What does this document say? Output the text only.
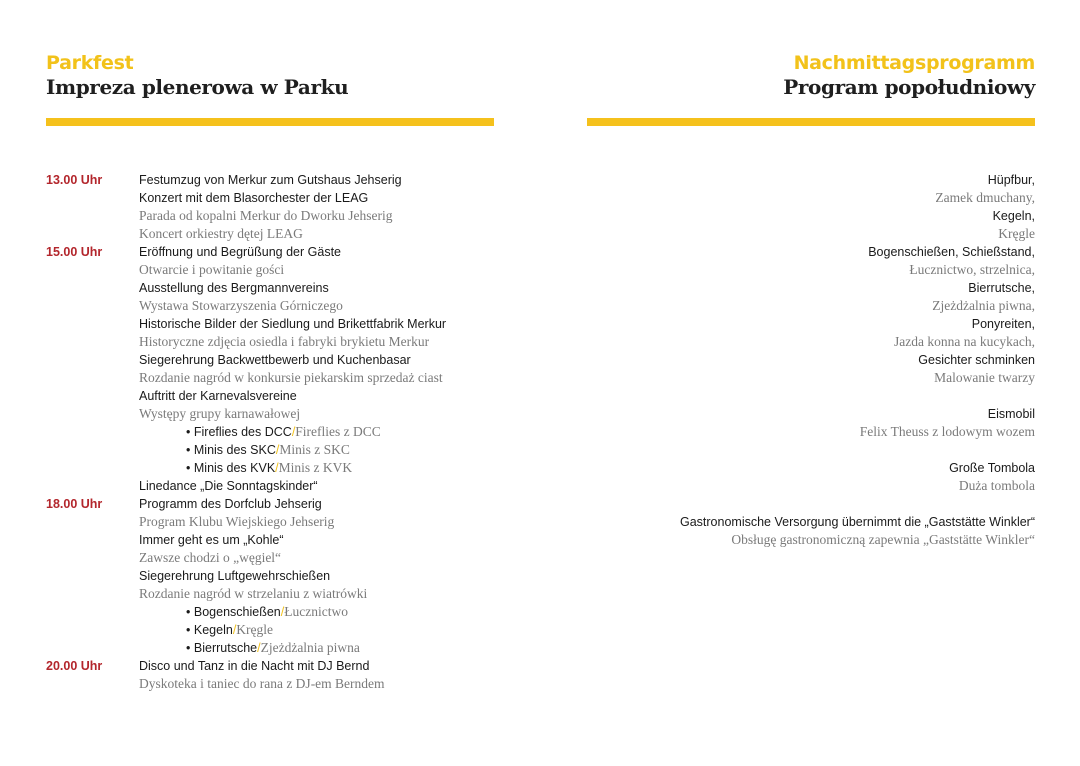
Parkfest
Impreza plenerowa w Parku
Nachmittagsprogramm
Program popołudniowy
13.00 Uhr	Festumzug von Merkur zum Gutshaus Jehserig
Konzert mit dem Blasorchester der LEAG
Parada od kopalni Merkur do Dworku Jehserig
Koncert orkiestry dętej LEAG
15.00 Uhr	Eröffnung und Begrüßung der Gäste
Otwarcie i powitanie gości
Ausstellung des Bergmannvereins
Wystawa Stowarzyszenia Górniczego
Historische Bilder der Siedlung und Brikettfabrik Merkur
Historyczne zdjęcia osiedla i fabryki brykietu Merkur
Siegerehrung Backwettbewerb und Kuchenbasar
Rozdanie nagród w konkursie piekarskim sprzedaż ciast
Auftritt der Karnevalsvereine
Występy grupy karnawałowej
• Fireflies des DCC/Fireflies z DCC
• Minis des SKC/Minis z SKC
• Minis des KVK/Minis z KVK
Linedance „Die Sonntagskinder“
18.00 Uhr	Programm des Dorfclub Jehserig
Program Klubu Wiejskiego Jehserig
Immer geht es um „Kohle“
Zawsze chodzi o „węgiel“
Siegerehrung Luftgewehrschießen
Rozdanie nagród w strzelaniu z wiatrówki
• Bogenschießen/Łucznictwo
• Kegeln/Kręgle
• Bierrutsche/Zjeżdżalnia piwna
20.00 Uhr	Disco und Tanz in die Nacht mit DJ Bernd
Dyskoteka i taniec do rana z DJ-em Berndem
Hüpfbur,
Zamek dmuchany,
Kegeln,
Kręgle
Bogenschießen, Schießstand,
Łucznictwo, strzelnica,
Bierrutsche,
Zjeżdżalnia piwna,
Ponyreiten,
Jazda konna na kucykach,
Gesichter schminken
Malowanie twarzy
Eismobil
Felix Theuss z lodowym wozem
Große Tombola
Duża tombola
Gastronomische Versorgung übernimmt die „Gaststätte Winkler“
Obsługę gastronomiczną zapewnia „Gaststätte Winkler“
